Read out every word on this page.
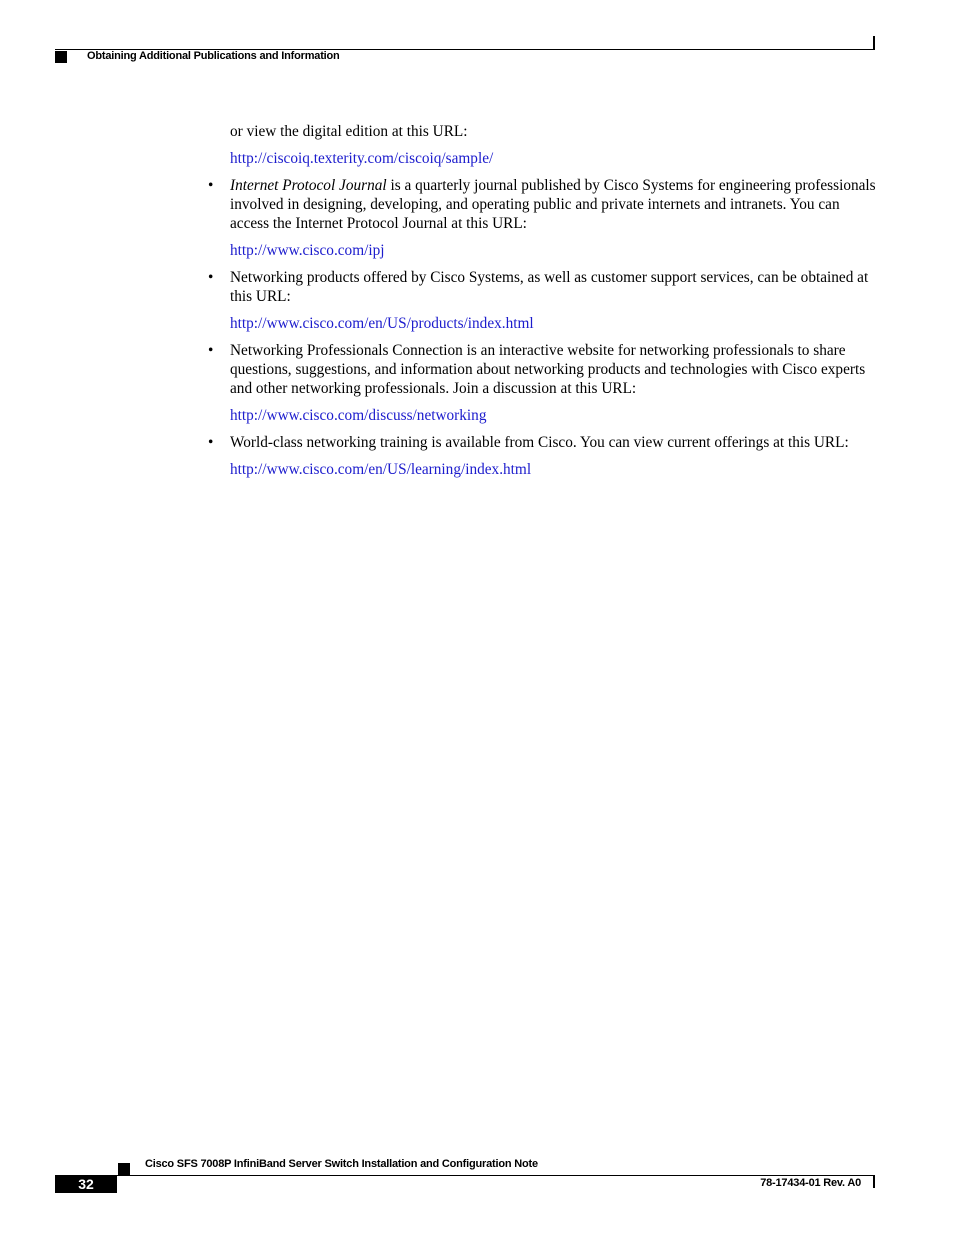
Obtaining Additional Publications and Information

or view the digital edition at this URL:

http://ciscoiq.texterity.com/ciscoiq/sample/

• Internet Protocol Journal is a quarterly journal published by Cisco Systems for engineering professionals involved in designing, developing, and operating public and private internets and intranets. You can access the Internet Protocol Journal at this URL:

http://www.cisco.com/ipj

• Networking products offered by Cisco Systems, as well as customer support services, can be obtained at this URL:

http://www.cisco.com/en/US/products/index.html

• Networking Professionals Connection is an interactive website for networking professionals to share questions, suggestions, and information about networking products and technologies with Cisco experts and other networking professionals. Join a discussion at this URL:

http://www.cisco.com/discuss/networking

• World-class networking training is available from Cisco. You can view current offerings at this URL:

http://www.cisco.com/en/US/learning/index.html

Cisco SFS 7008P InfiniBand Server Switch Installation and Configuration Note
32	78-17434-01 Rev. A0
